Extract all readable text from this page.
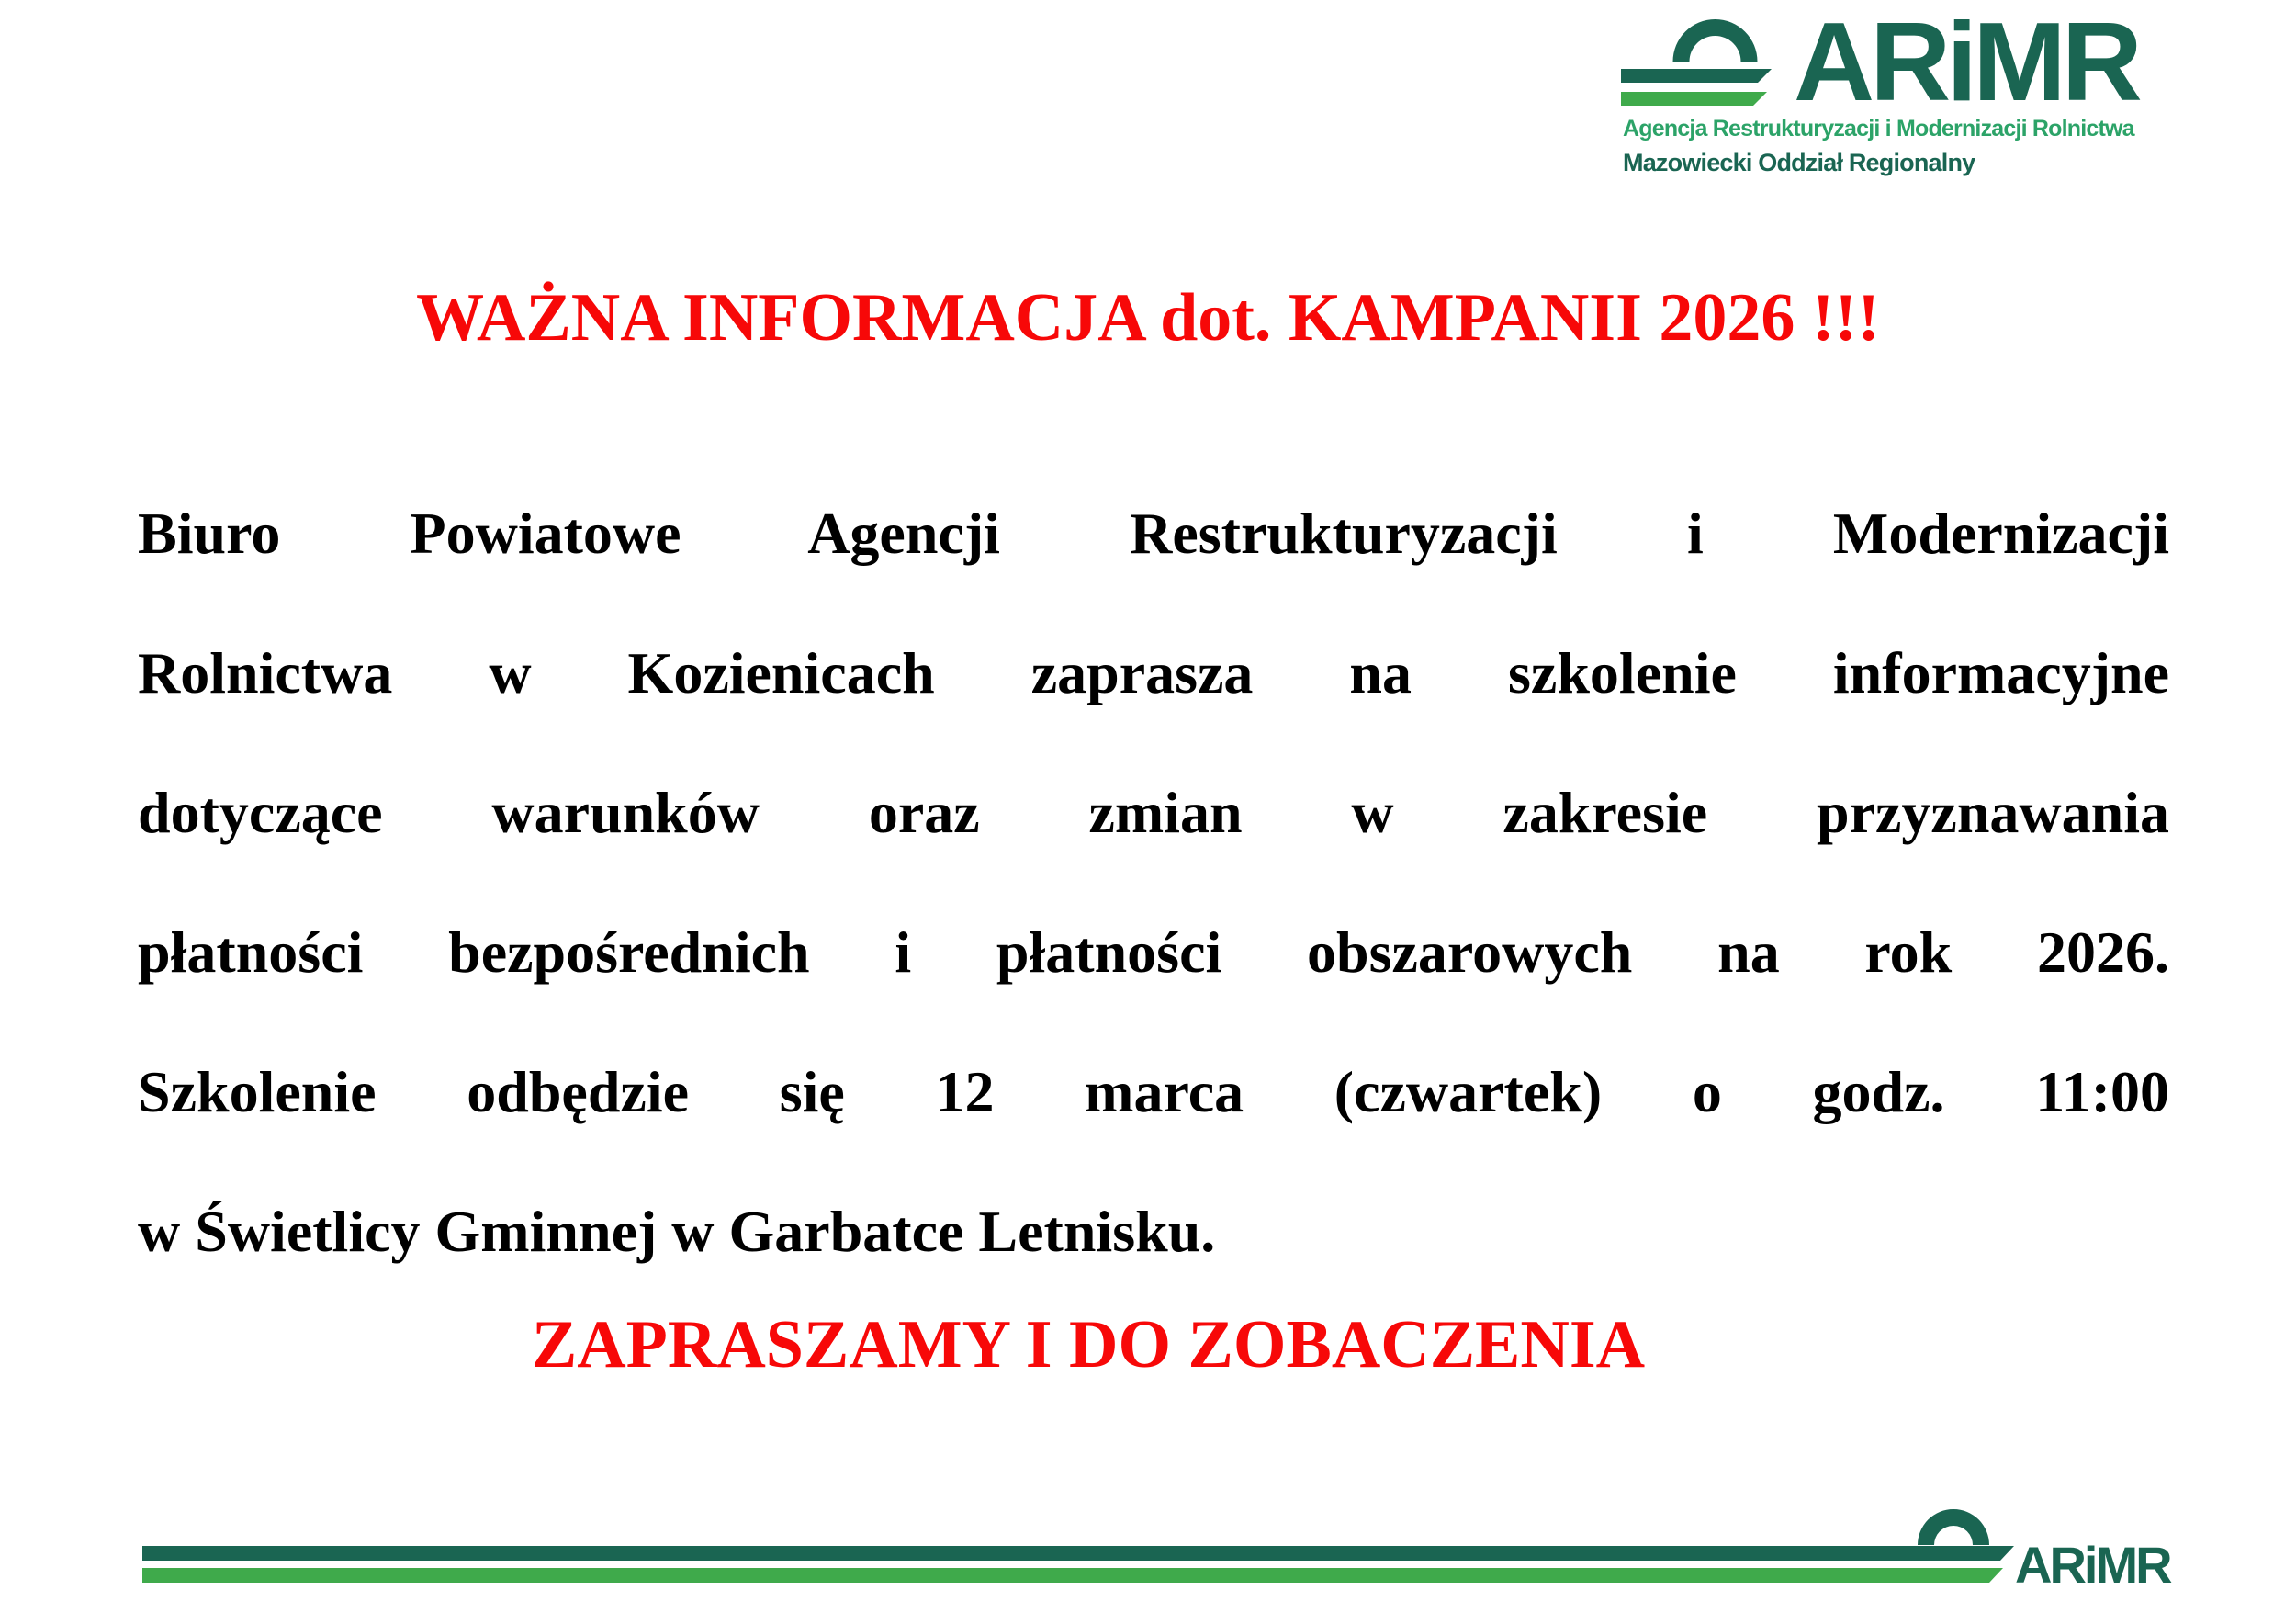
ARiMR
Agencja Restrukturyzacji i Modernizacji Rolnictwa
Mazowiecki Oddział Regionalny
WAŻNA INFORMACJA dot. KAMPANII 2026 !!!
Biuro Powiatowe Agencji Restrukturyzacji i Modernizacji
Rolnictwa w Kozienicach zaprasza na szkolenie informacyjne
dotyczące warunków oraz zmian w zakresie przyznawania
płatności bezpośrednich i płatności obszarowych na rok 2026.
Szkolenie odbędzie się 12 marca (czwartek) o godz. 11:00
w Świetlicy Gminnej w Garbatce Letnisku.
ZAPRASZAMY I DO ZOBACZENIA
ARiMR
